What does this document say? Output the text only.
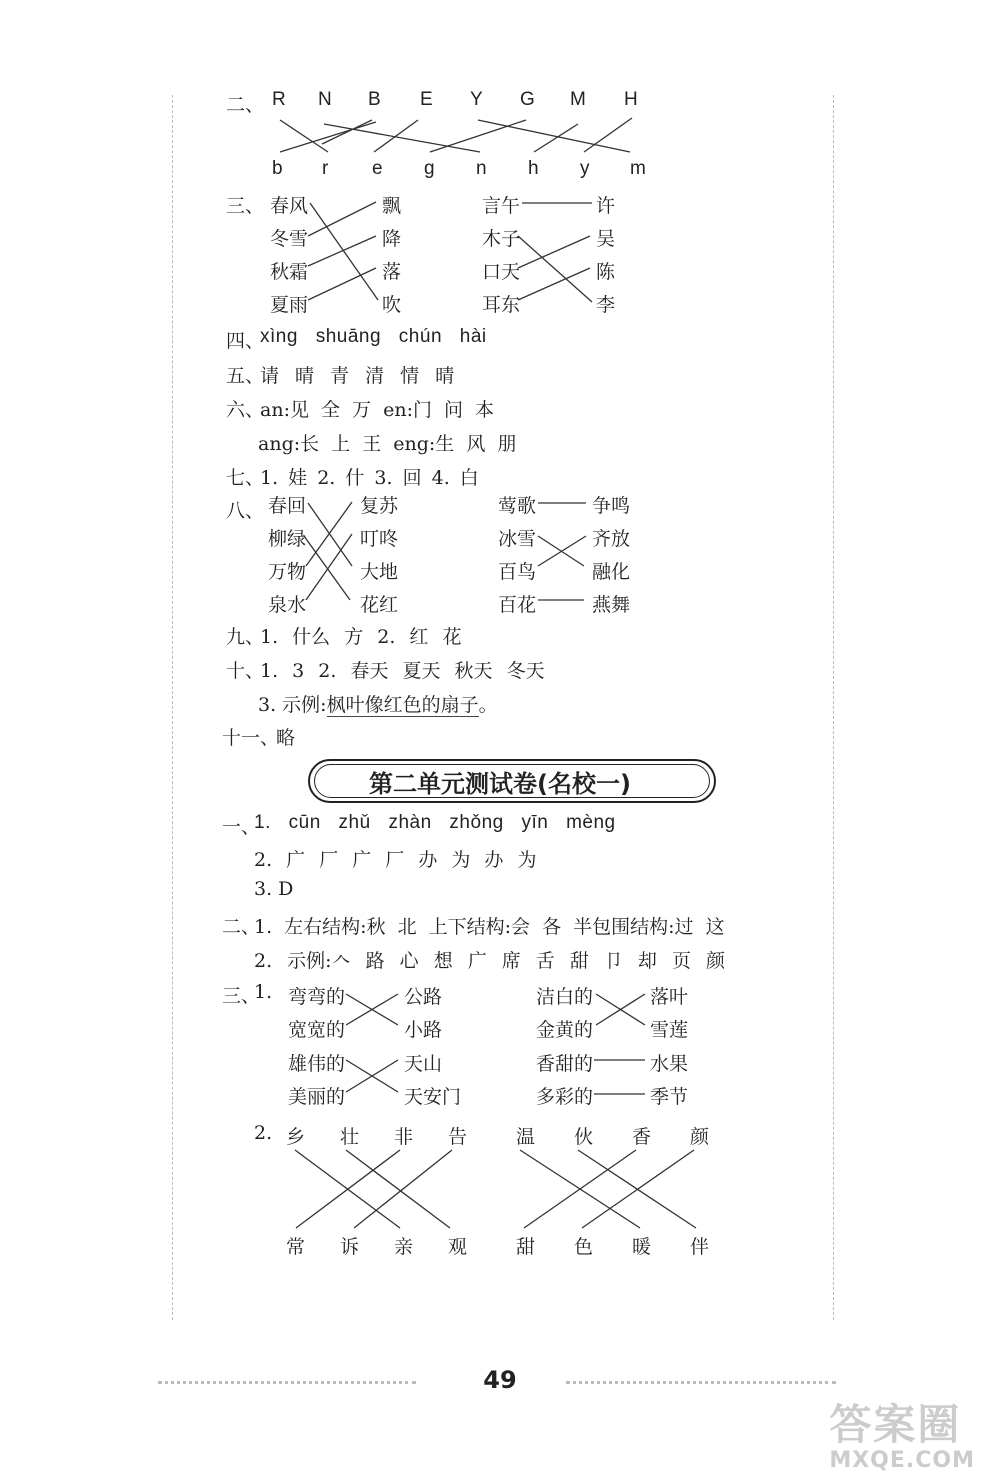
二、 R N B E Y G M H
b r e g n h y m
三、 春风
冬雪
秋霜
夏雨
飘
降
落
吹
言午
木子
口天
耳东
许
吴
陈
李
四、
xìng shuāng chún hài
五、
请 晴 青 清 情 晴
六、
an:见 全 万 en:门 问 本
ang:长 上 王 eng:生 风 朋
七、
1. 娃 2. 什 3. 回 4. 白
八、 春回
柳绿
万物
泉水
复苏
叮咚
大地
花红
莺歌
冰雪
百鸟
百花
争鸣
齐放
融化
燕舞
九、
1. 什么 方 2. 红 花
十、
1. 3 2. 春天 夏天 秋天 冬天
3. 示例:枫叶像红色的扇子。
十一、
略
第二单元测试卷(名校一)
一、
1. cūn zhǔ zhàn zhǒng yīn mèng
2. 广 厂 广 厂 办 为 办 为
3. D
二、
1. 左右结构:秋 北 上下结构:会 各 半包围结构:过 这
2. 示例:𠆢 路 心 想 广 席 舌 甜 卩 却 页 颜
三、
1. 弯弯的
宽宽的
雄伟的
美丽的
公路
小路
天山
天安门
洁白的
金黄的
香甜的
多彩的
落叶
雪莲
水果
季节
2. 乡 壮 非 告	温 伙 香 颜
常 诉 亲 观	甜 色 暖 伴
49
答案圈
MXQE.COM
